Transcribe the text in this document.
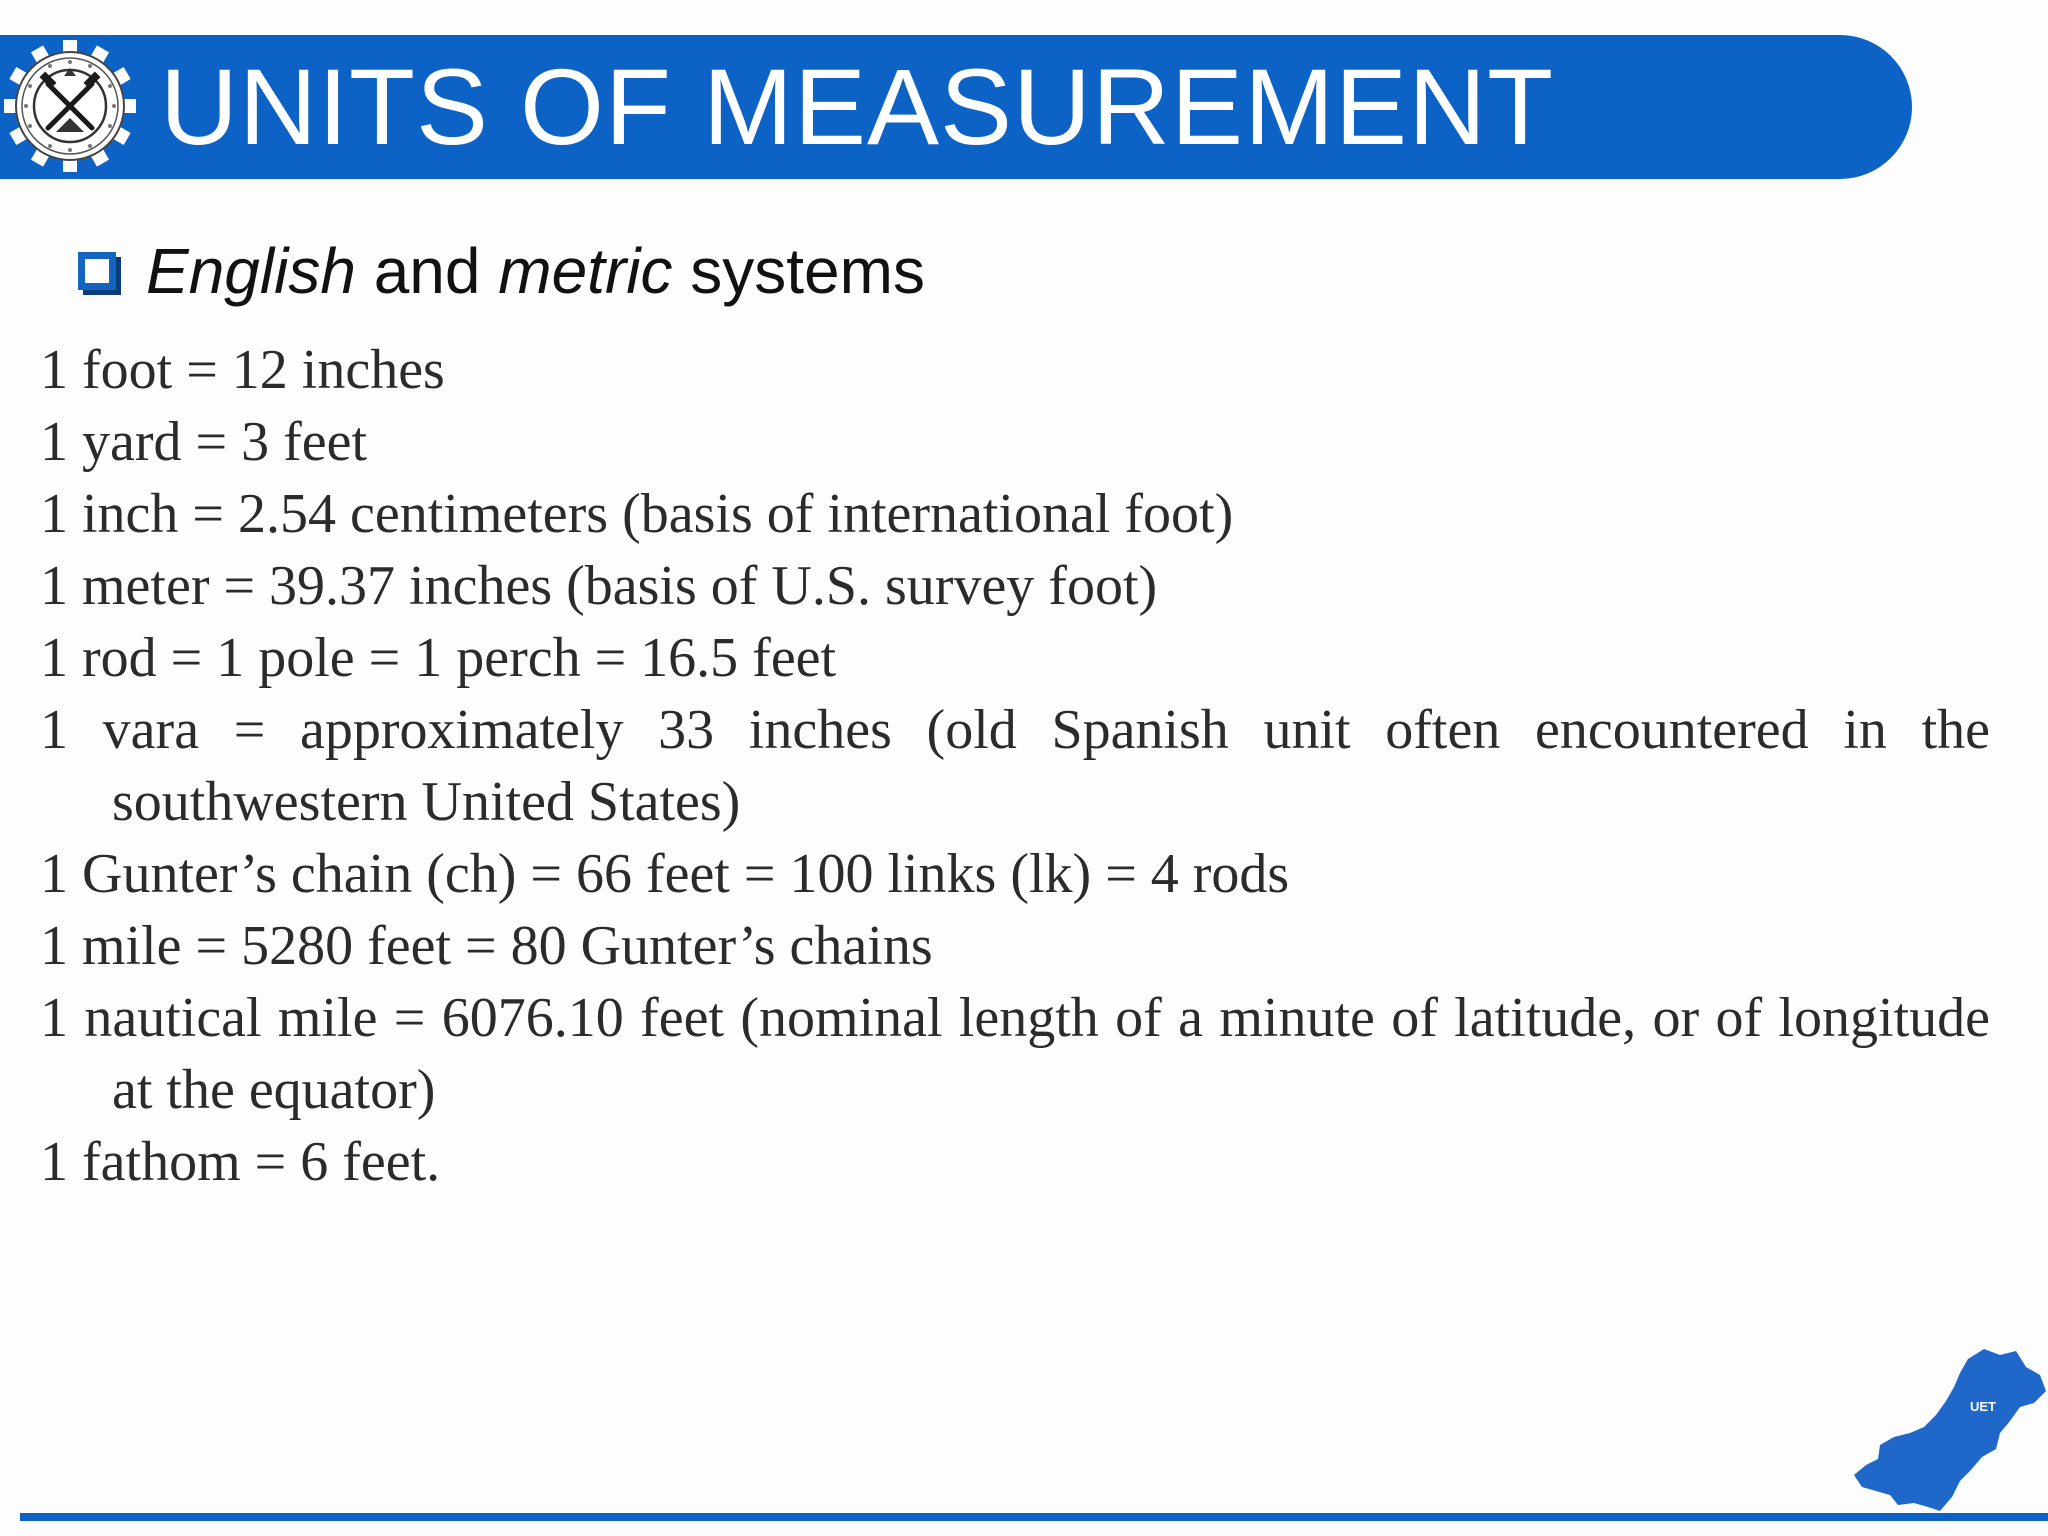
UNITS OF MEASUREMENT
English and metric systems
1 foot = 12 inches
1 yard = 3 feet
1 inch = 2.54 centimeters (basis of international foot)
1 meter = 39.37 inches (basis of U.S. survey foot)
1 rod = 1 pole = 1 perch = 16.5 feet
1 vara = approximately 33 inches (old Spanish unit often encountered in the southwestern United States)
1 Gunter’s chain (ch) = 66 feet = 100 links (lk) = 4 rods
1 mile = 5280 feet = 80 Gunter’s chains
1 nautical mile = 6076.10 feet (nominal length of a minute of latitude, or of longitude at the equator)
1 fathom = 6 feet.
UET
